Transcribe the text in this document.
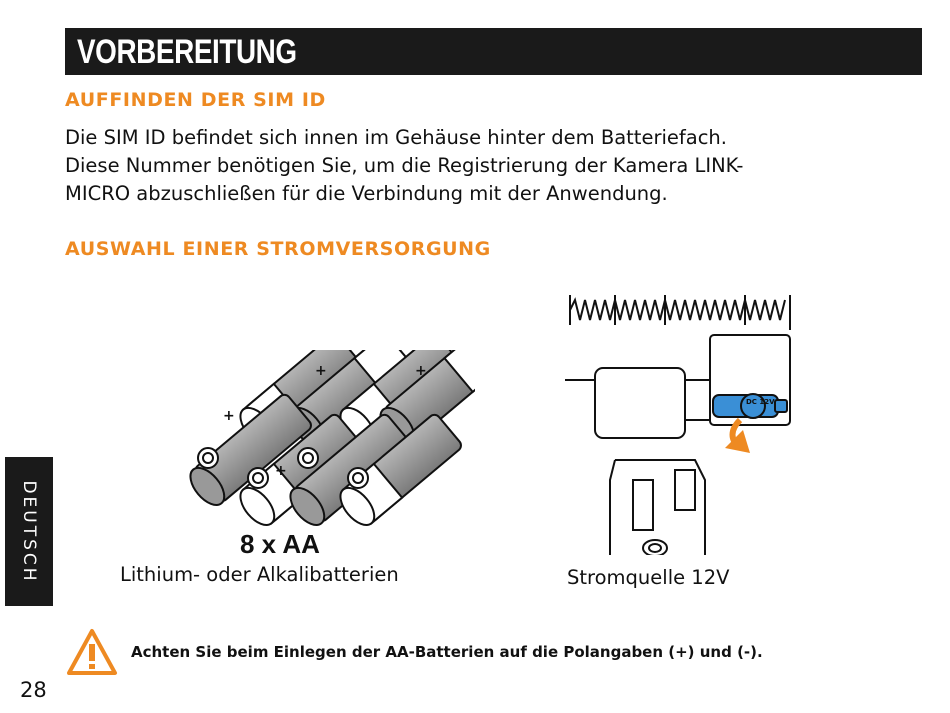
VORBEREITUNG
AUFFINDEN DER SIM ID
Die SIM ID befindet sich innen im Gehäuse hinter dem Batteriefach.
Diese Nummer benötigen Sie, um die Registrierung der Kamera LINK-
MICRO abzuschließen für die Verbindung mit der Anwendung.
AUSWAHL EINER STROMVERSORGUNG
+
+	+
+
8 x AA
Lithium- oder Alkalibatterien
DC 12V
Stromquelle 12V
DEUTSCH
Achten Sie beim Einlegen der AA-Batterien auf die Polangaben (+) und (-).
28
